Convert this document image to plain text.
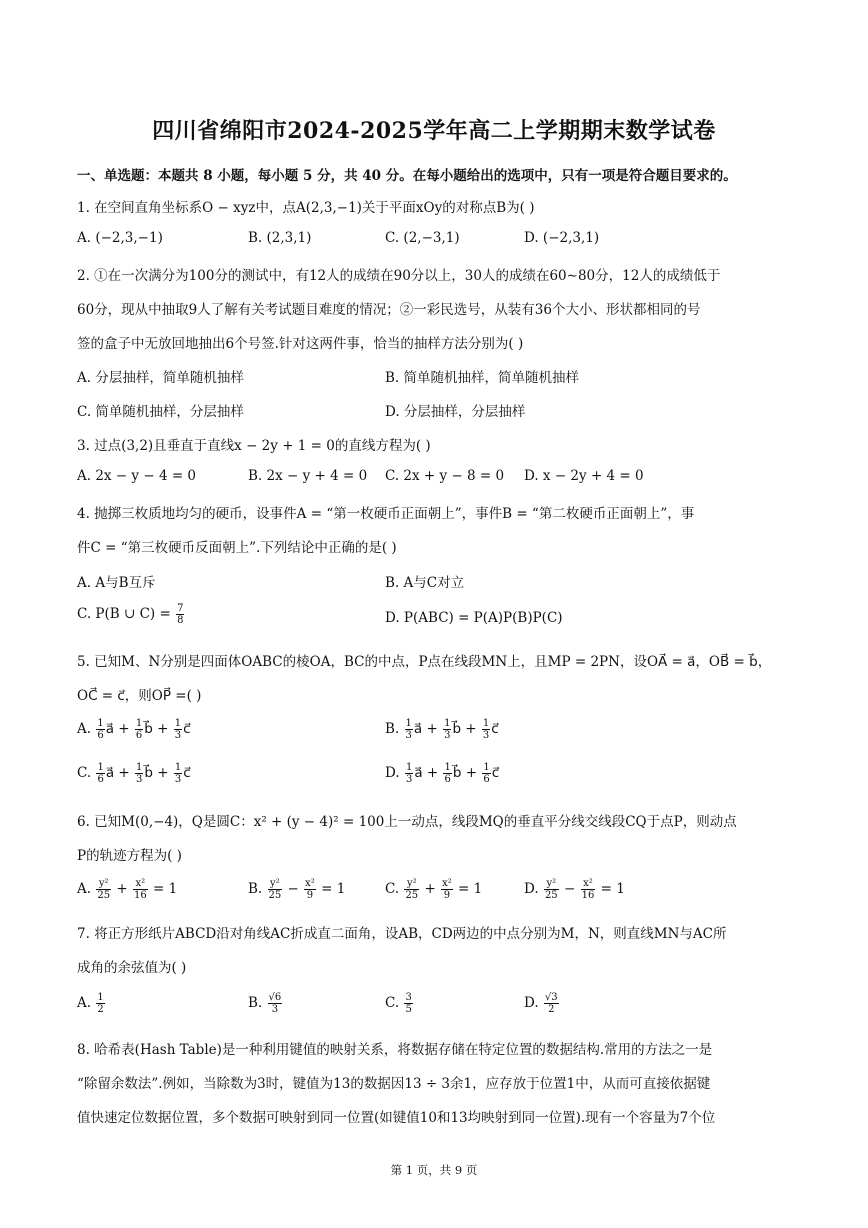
四川省绵阳市2024-2025学年高二上学期期末数学试卷
一、单选题：本题共 8 小题，每小题 5 分，共 40 分。在每小题给出的选项中，只有一项是符合题目要求的。
1. 在空间直角坐标系O − xyz中，点A(2,3,−1)关于平面xOy的对称点B为( )
A. (−2,3,−1)	B. (2,3,1)	C. (2,−3,1)	D. (−2,3,1)
2. ①在一次满分为100分的测试中，有12人的成绩在90分以上，30人的成绩在60∼80分，12人的成绩低于
60分，现从中抽取9人了解有关考试题目难度的情况；②一彩民选号，从装有36个大小、形状都相同的号
签的盒子中无放回地抽出6个号签.针对这两件事，恰当的抽样方法分别为( )
A. 分层抽样，简单随机抽样	B. 简单随机抽样，简单随机抽样
C. 简单随机抽样，分层抽样	D. 分层抽样，分层抽样
3. 过点(3,2)且垂直于直线x − 2y + 1 = 0的直线方程为( )
A. 2x − y − 4 = 0	B. 2x − y + 4 = 0 C. 2x + y − 8 = 0 D. x − 2y + 4 = 0
4. 抛掷三枚质地均匀的硬币，设事件A = “第一枚硬币正面朝上”，事件B = “第二枚硬币正面朝上”，事
件C = “第三枚硬币反面朝上”.下列结论中正确的是( )
A. A与B互斥	B. A与C对立
C. P(B ∪ $C) = \frac{7}{8}$	D. P(ABC) = P(A)P(B)P(C)
5. 已知M、N分别是四面体OABC的棱OA，BC的中点，P点在线段MN上，且MP = 2PN，设OA⃗ = a⃗，OB⃗ = b⃗，
OC⃗ = c⃗，则OP⃗ =( )
A. $\frac{1}{6}$ a⃗ + $\frac{1}{6}$ b⃗ + $\frac{1}{3}$ c⃗	B. $\frac{1}{3}$ a⃗ + $\frac{1}{3}$ b⃗ + $\frac{1}{3}$ c⃗
C. $\frac{1}{6}$ a⃗ + $\frac{1}{3}$ b⃗ + $\frac{1}{3}$ c⃗	D. $\frac{1}{3}$ a⃗ + $\frac{1}{6}$ b⃗ + $\frac{1}{6}$ c⃗
6. 已知M(0,−4)，Q是圆C：x² + (y − 4)² = 100上一动点，线段MQ的垂直平分线交线段CQ于点P，则动点
P的轨迹方程为( )
A. $\frac{\text{y²}}{25} + \frac{\text{x²}}{16} = 1$	B. $\frac{\text{y²}}{25} - \frac{\text{x²}}{9} = 1$	C. $\frac{\text{y²}}{25} + \frac{\text{x²}}{9} = 1$	D. $\frac{\text{y²}}{25} - \frac{\text{x²}}{16} = 1$
7. 将正方形纸片ABCD沿对角线AC折成直二面角，设AB，CD两边的中点分别为M，N，则直线MN与AC所
成角的余弦值为( )
A. $\frac{1}{2}$	B. $\frac{√6}{3}$	C. $\frac{3}{5}$	D. $\frac{√3}{2}$
8. 哈希表(Hash Table)是一种利用键值的映射关系，将数据存储在特定位置的数据结构.常用的方法之一是
“除留余数法”.例如，当除数为3时，键值为13的数据因13 ÷ 3余1，应存放于位置1中，从而可直接依据键
值快速定位数据位置，多个数据可映射到同一位置(如键值10和13均映射到同一位置).现有一个容量为7个位
第 1 页，共 9 页
